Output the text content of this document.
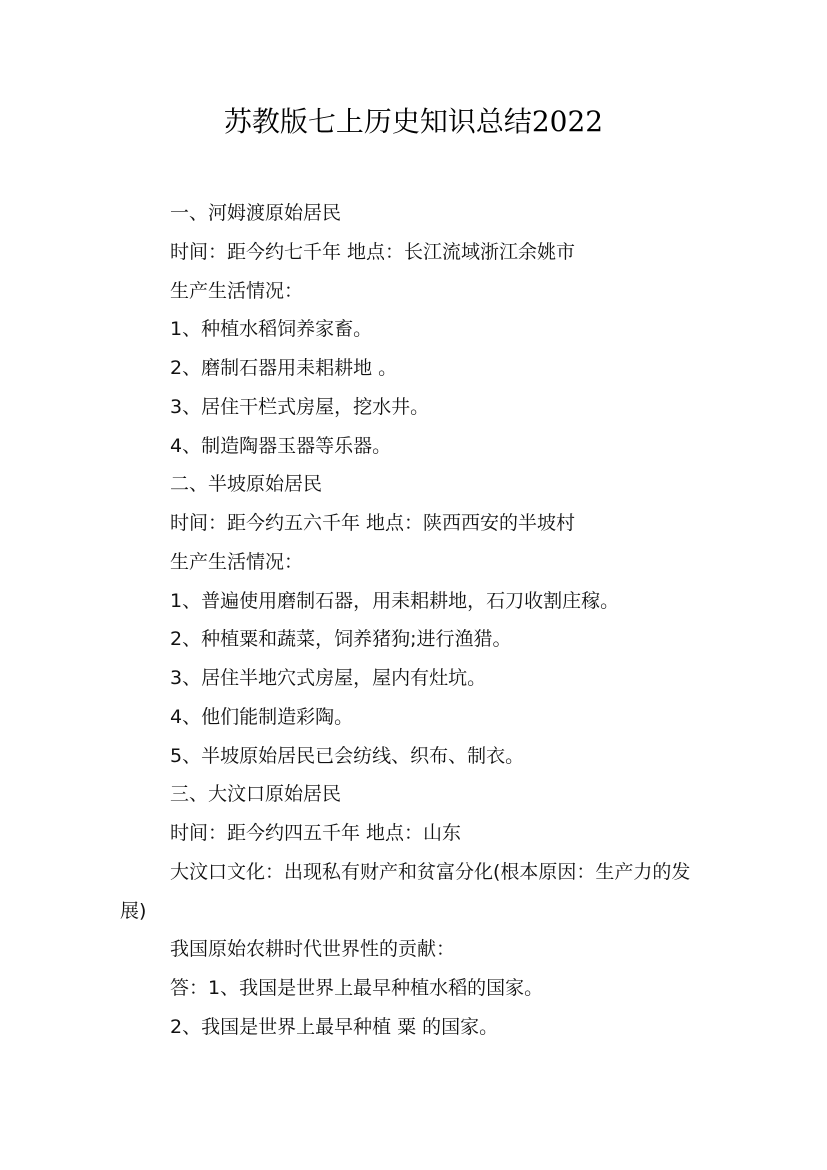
苏教版七上历史知识总结2022

一、河姆渡原始居民

时间：距今约七千年 地点：长江流域浙江余姚市

生产生活情况：

1、种植水稻饲养家畜。

2、磨制石器用耒耜耕地 。

3、居住干栏式房屋，挖水井。

4、制造陶器玉器等乐器。

二、半坡原始居民

时间：距今约五六千年 地点：陕西西安的半坡村

生产生活情况：

1、普遍使用磨制石器，用耒耜耕地，石刀收割庄稼。

2、种植粟和蔬菜，饲养猪狗;进行渔猎。

3、居住半地穴式房屋，屋内有灶坑。

4、他们能制造彩陶。

5、半坡原始居民已会纺线、织布、制衣。

三、大汶口原始居民

时间：距今约四五千年 地点：山东

大汶口文化：出现私有财产和贫富分化(根本原因：生产力的发展)

我国原始农耕时代世界性的贡献：

答：1、我国是世界上最早种植水稻的国家。

2、我国是世界上最早种植 粟 的国家。
